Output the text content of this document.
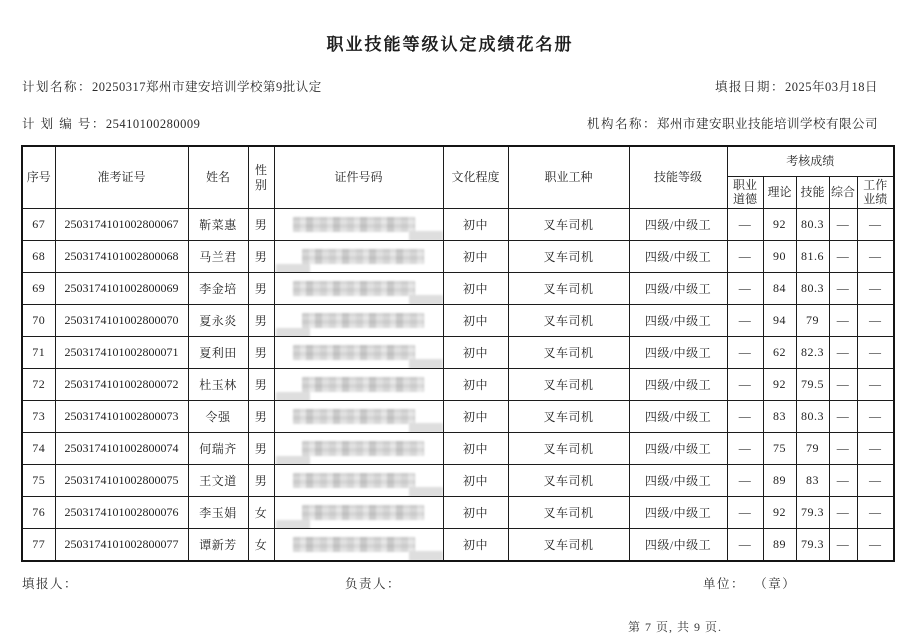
职业技能等级认定成绩花名册
计划名称：20250317郑州市建安培训学校第9批认定	填报日期：2025年03月18日
计 划 编 号：25410100280009	机构名称：郑州市建安职业技能培训学校有限公司
序号	准考证号	姓名	性别	证件号码	文化程度	职业工种	技能等级	考核成绩				
								职业道德	理论	技能	综合	工作业绩
67	2503174101002800067	靳菜惠	男		初中	叉车司机	四级/中级工	—	92	80.3	—	—
68	2503174101002800068	马兰君	男		初中	叉车司机	四级/中级工	—	90	81.6	—	—
69	2503174101002800069	李金培	男		初中	叉车司机	四级/中级工	—	84	80.3	—	—
70	2503174101002800070	夏永炎	男		初中	叉车司机	四级/中级工	—	94	79	—	—
71	2503174101002800071	夏利田	男		初中	叉车司机	四级/中级工	—	62	82.3	—	—
72	2503174101002800072	杜玉林	男		初中	叉车司机	四级/中级工	—	92	79.5	—	—
73	2503174101002800073	令强	男		初中	叉车司机	四级/中级工	—	83	80.3	—	—
74	2503174101002800074	何瑞齐	男		初中	叉车司机	四级/中级工	—	75	79	—	—
75	2503174101002800075	王文道	男		初中	叉车司机	四级/中级工	—	89	83	—	—
76	2503174101002800076	李玉娟	女		初中	叉车司机	四级/中级工	—	92	79.3	—	—
77	2503174101002800077	谭新芳	女		初中	叉车司机	四级/中级工	—	89	79.3	—	—
填报人：	负责人：	单位： （章）
第 7 页, 共 9 页.
